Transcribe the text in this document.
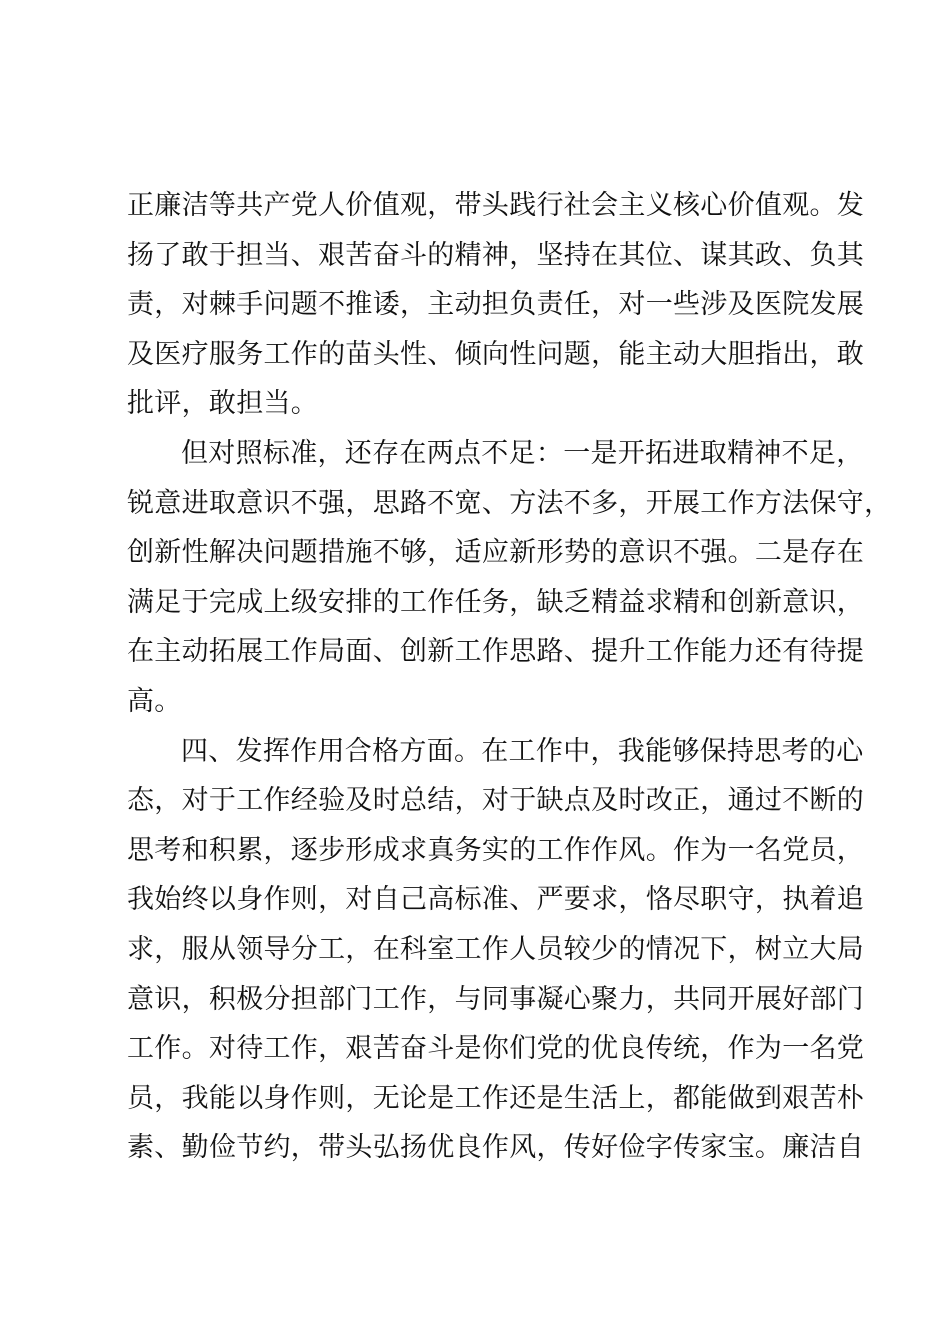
正廉洁等共产党人价值观，带头践行社会主义核心价值观。发
扬了敢于担当、艰苦奋斗的精神，坚持在其位、谋其政、负其
责，对棘手问题不推诿，主动担负责任，对一些涉及医院发展
及医疗服务工作的苗头性、倾向性问题，能主动大胆指出，敢
批评，敢担当。
但对照标准，还存在两点不足：一是开拓进取精神不足，
锐意进取意识不强，思路不宽、方法不多，开展工作方法保守，
创新性解决问题措施不够，适应新形势的意识不强。二是存在
满足于完成上级安排的工作任务，缺乏精益求精和创新意识，
在主动拓展工作局面、创新工作思路、提升工作能力还有待提
高。
四、发挥作用合格方面。在工作中，我能够保持思考的心
态，对于工作经验及时总结，对于缺点及时改正，通过不断的
思考和积累，逐步形成求真务实的工作作风。作为一名党员，
我始终以身作则，对自己高标准、严要求，恪尽职守，执着追
求，服从领导分工，在科室工作人员较少的情况下，树立大局
意识，积极分担部门工作，与同事凝心聚力，共同开展好部门
工作。对待工作，艰苦奋斗是你们党的优良传统，作为一名党
员，我能以身作则，无论是工作还是生活上，都能做到艰苦朴
素、勤俭节约，带头弘扬优良作风，传好俭字传家宝。廉洁自
